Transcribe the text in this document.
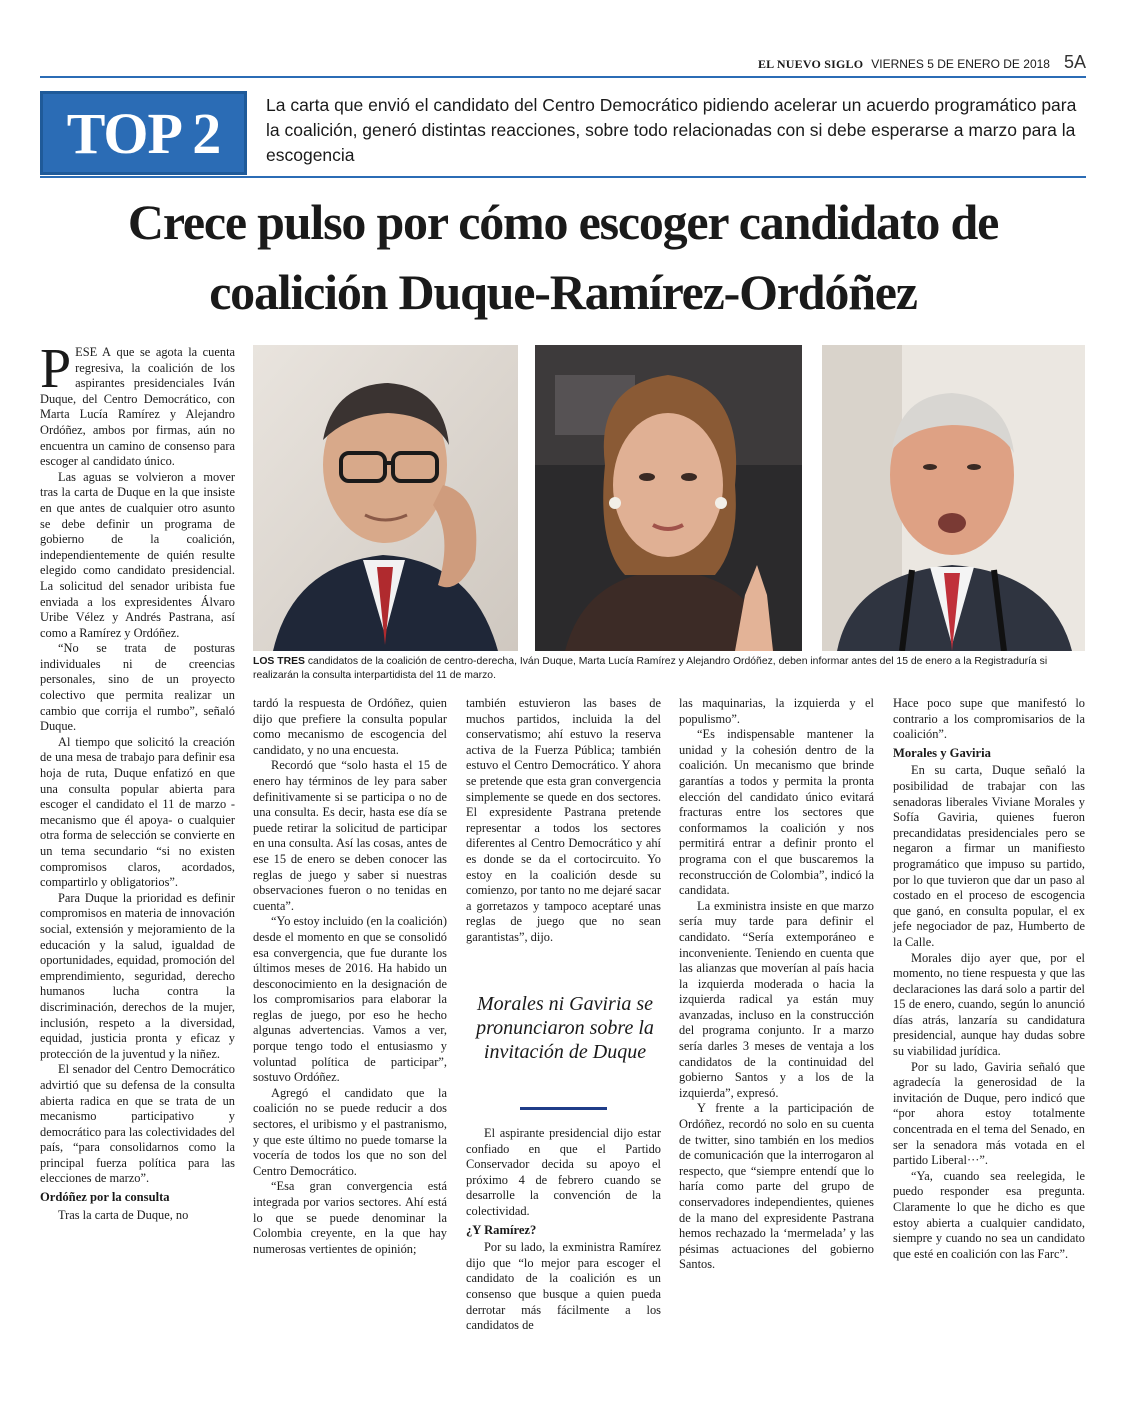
EL NUEVO SIGLO VIERNES 5 DE ENERO DE 2018 5A
TOP 2	La carta que envió el candidato del Centro Democrático pidiendo acelerar un acuerdo programático para la coalición, generó distintas reacciones, sobre todo relacionadas con si debe esperarse a marzo para la escogencia
Crece pulso por cómo escoger candidato de
coalición Duque-Ramírez-Ordóñez
LOS TRES candidatos de la coalición de centro-derecha, Iván Duque, Marta Lucía Ramírez y Alejandro Ordóñez, deben informar antes del 15 de enero a la Registraduría si realizarán la consulta interpartidista del 11 de marzo.

PESE A que se agota la cuenta regresiva, la coalición de los aspirantes presidenciales Iván Duque, del Centro Democrático, con Marta Lucía Ramírez y Alejandro Ordóñez, ambos por firmas, aún no encuentra un camino de consenso para escoger al candidato único.

Las aguas se volvieron a mover tras la carta de Duque en la que insiste en que antes de cualquier otro asunto se debe definir un programa de gobierno de la coalición, independientemente de quién resulte elegido como candidato presidencial. La solicitud del senador uribista fue enviada a los expresidentes Álvaro Uribe Vélez y Andrés Pastrana, así como a Ramírez y Ordóñez.

“No se trata de posturas individuales ni de creencias personales, sino de un proyecto colectivo que permita realizar un cambio que corrija el rumbo”, señaló Duque.

Al tiempo que solicitó la creación de una mesa de trabajo para definir esa hoja de ruta, Duque enfatizó en que una consulta popular abierta para escoger el candidato el 11 de marzo -mecanismo que él apoya- o cualquier otra forma de selección se convierte en un tema secundario “si no existen compromisos claros, acordados, compartirlo y obligatorios”.

Para Duque la prioridad es definir compromisos en materia de innovación social, extensión y mejoramiento de la educación y la salud, igualdad de oportunidades, equidad, promoción del emprendimiento, seguridad, derecho humanos lucha contra la discriminación, derechos de la mujer, inclusión, respeto a la diversidad, equidad, justicia pronta y eficaz y protección de la juventud y la niñez.

El senador del Centro Democrático advirtió que su defensa de la consulta abierta radica en que se trata de un mecanismo participativo y democrático para las colectividades del país, “para consolidarnos como la principal fuerza política para las elecciones de marzo”.

Ordóñez por la consulta

Tras la carta de Duque, no

tardó la respuesta de Ordóñez, quien dijo que prefiere la consulta popular como mecanismo de escogencia del candidato, y no una encuesta.

Recordó que “solo hasta el 15 de enero hay términos de ley para saber definitivamente si se participa o no de una consulta. Es decir, hasta ese día se puede retirar la solicitud de participar en una consulta. Así las cosas, antes de ese 15 de enero se deben conocer las reglas de juego y saber si nuestras observaciones fueron o no tenidas en cuenta”.

“Yo estoy incluido (en la coalición) desde el momento en que se consolidó esa convergencia, que fue durante los últimos meses de 2016. Ha habido un desconocimiento en la designación de los compromisarios para elaborar la reglas de juego, por eso he hecho algunas advertencias. Vamos a ver, porque tengo todo el entusiasmo y voluntad política de participar”, sostuvo Ordóñez.

Agregó el candidato que la coalición no se puede reducir a dos sectores, el uribismo y el pastranismo, y que este último no puede tomarse la vocería de todos los que no son del Centro Democrático.

“Esa gran convergencia está integrada por varios sectores. Ahí está lo que se puede denominar la Colombia creyente, en la que hay numerosas vertientes de opinión;

también estuvieron las bases de muchos partidos, incluida la del conservatismo; ahí estuvo la reserva activa de la Fuerza Pública; también estuvo el Centro Democrático. Y ahora se pretende que esta gran convergencia simplemente se quede en dos sectores. El expresidente Pastrana pretende representar a todos los sectores diferentes al Centro Democrático y ahí es donde se da el cortocircuito. Yo estoy en la coalición desde su comienzo, por tanto no me dejaré sacar a gorretazos y tampoco aceptaré unas reglas de juego que no sean garantistas”, dijo.

Morales ni Gaviria se pronunciaron sobre la invitación de Duque

El aspirante presidencial dijo estar confiado en que el Partido Conservador decida su apoyo el próximo 4 de febrero cuando se desarrolle la convención de la colectividad.

¿Y Ramírez?

Por su lado, la exministra Ramírez dijo que “lo mejor para escoger el candidato de la coalición es un consenso que busque a quien pueda derrotar más fácilmente a los candidatos de

las maquinarias, la izquierda y el populismo”.

“Es indispensable mantener la unidad y la cohesión dentro de la coalición. Un mecanismo que brinde garantías a todos y permita la pronta elección del candidato único evitará fracturas entre los sectores que conformamos la coalición y nos permitirá entrar a definir pronto el programa con el que buscaremos la reconstrucción de Colombia”, indicó la candidata.

La exministra insiste en que marzo sería muy tarde para definir el candidato. “Sería extemporáneo e inconveniente. Teniendo en cuenta que las alianzas que moverían al país hacia la izquierda moderada o hacia la izquierda radical ya están muy avanzadas, incluso en la construcción del programa conjunto. Ir a marzo sería darles 3 meses de ventaja a los candidatos de la continuidad del gobierno Santos y a los de la izquierda”, expresó.

Y frente a la participación de Ordóñez, recordó no solo en su cuenta de twitter, sino también en los medios de comunicación que la interrogaron al respecto, que “siempre entendí que lo haría como parte del grupo de conservadores independientes, quienes de la mano del expresidente Pastrana hemos rechazado la ‘mermelada’ y las pésimas actuaciones del gobierno Santos.

Hace poco supe que manifestó lo contrario a los compromisarios de la coalición”.

Morales y Gaviria

En su carta, Duque señaló la posibilidad de trabajar con las senadoras liberales Viviane Morales y Sofía Gaviria, quienes fueron precandidatas presidenciales pero se negaron a firmar un manifiesto programático que impuso su partido, por lo que tuvieron que dar un paso al costado en el proceso de escogencia que ganó, en consulta popular, el ex jefe negociador de paz, Humberto de la Calle.

Morales dijo ayer que, por el momento, no tiene respuesta y que las declaraciones las dará solo a partir del 15 de enero, cuando, según lo anunció días atrás, lanzaría su candidatura presidencial, aunque hay dudas sobre su viabilidad jurídica.

Por su lado, Gaviria señaló que agradecía la generosidad de la invitación de Duque, pero indicó que “por ahora estoy totalmente concentrada en el tema del Senado, en ser la senadora más votada en el partido Liberal···”.

“Ya, cuando sea reelegida, le puedo responder esa pregunta. Claramente lo que he dicho es que estoy abierta a cualquier candidato, siempre y cuando no sea un candidato que esté en coalición con las Farc”.
